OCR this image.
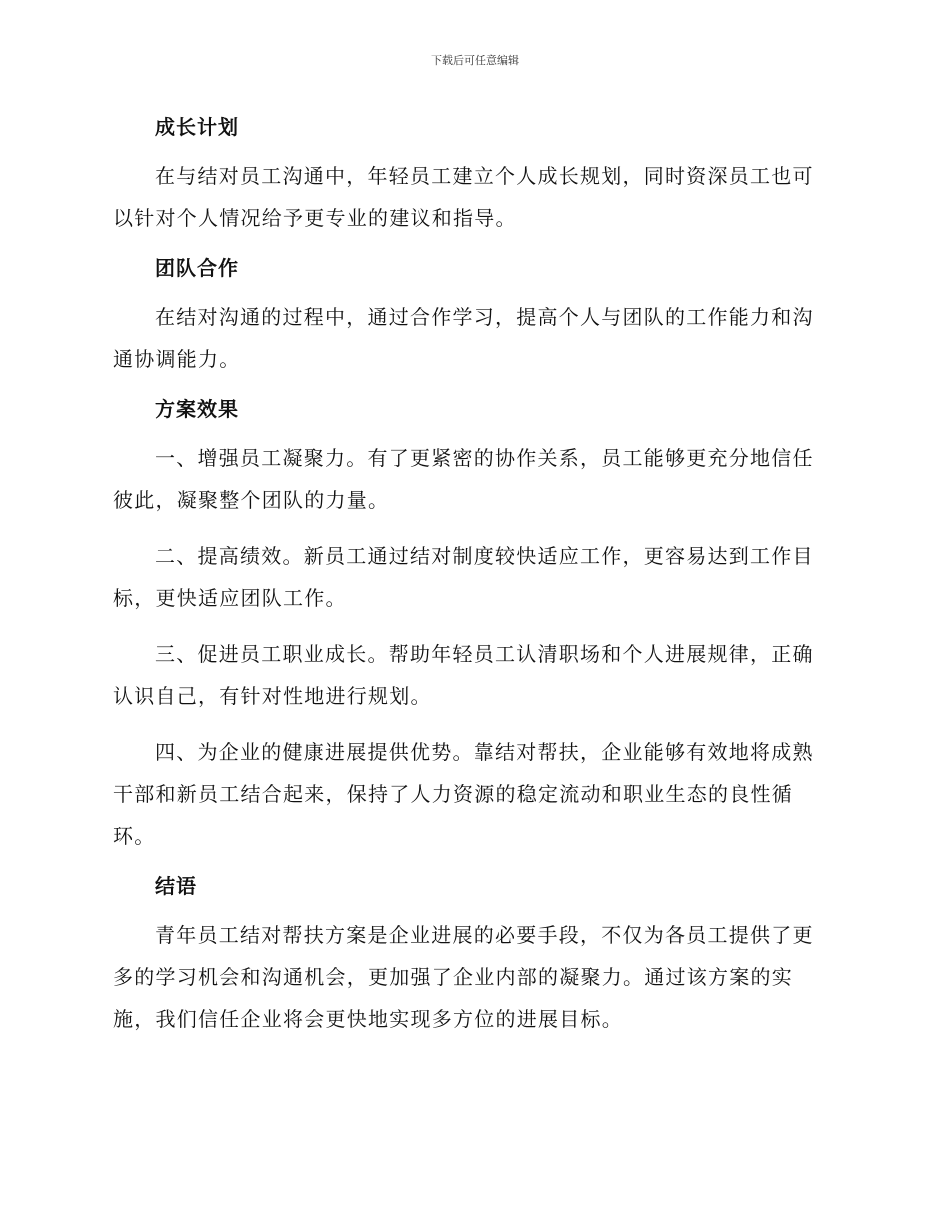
下载后可任意编辑
成长计划

在与结对员工沟通中，年轻员工建立个人成长规划，同时资深员工也可以针对个人情况给予更专业的建议和指导。

团队合作

在结对沟通的过程中，通过合作学习，提高个人与团队的工作能力和沟通协调能力。

方案效果

一、增强员工凝聚力。有了更紧密的协作关系，员工能够更充分地信任彼此，凝聚整个团队的力量。

二、提高绩效。新员工通过结对制度较快适应工作，更容易达到工作目标，更快适应团队工作。

三、促进员工职业成长。帮助年轻员工认清职场和个人进展规律，正确认识自己，有针对性地进行规划。

四、为企业的健康进展提供优势。靠结对帮扶，企业能够有效地将成熟干部和新员工结合起来，保持了人力资源的稳定流动和职业生态的良性循环。

结语

青年员工结对帮扶方案是企业进展的必要手段，不仅为各员工提供了更多的学习机会和沟通机会，更加强了企业内部的凝聚力。通过该方案的实施，我们信任企业将会更快地实现多方位的进展目标。
